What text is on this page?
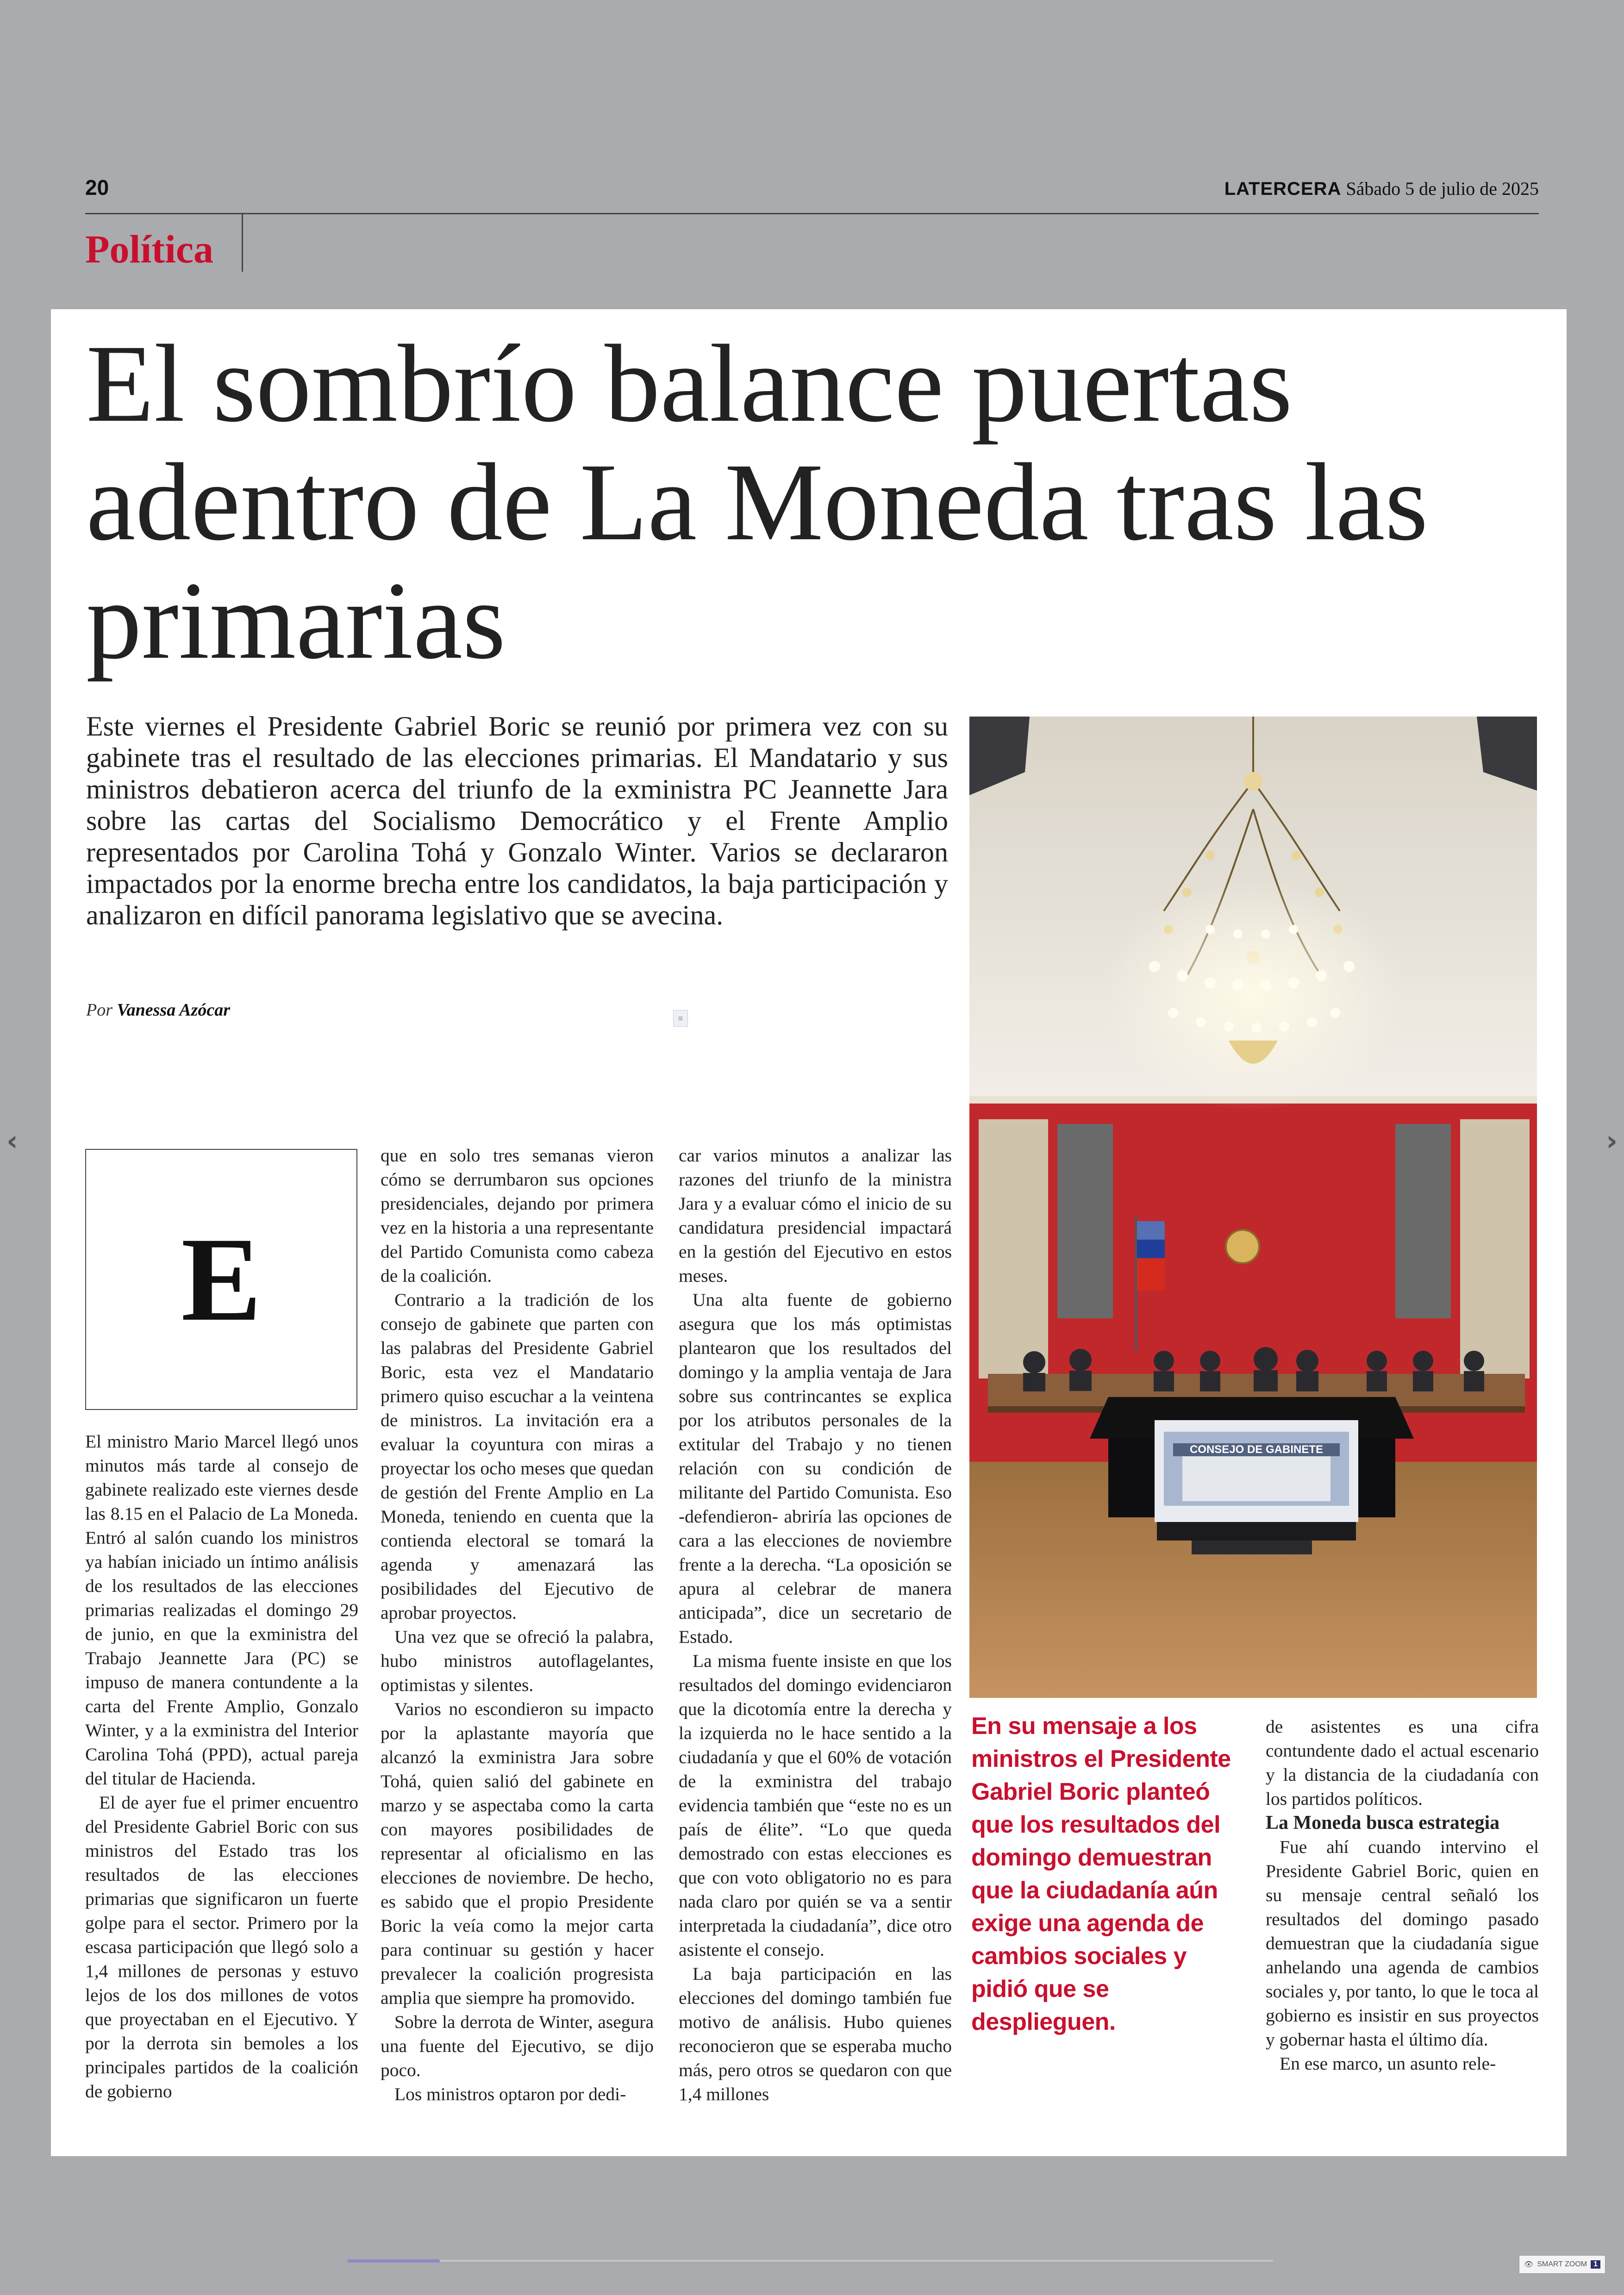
20	LATERCERA Sábado 5 de julio de 2025
Política
El sombrío balance puertas adentro de La Moneda tras las primarias

Este viernes el Presidente Gabriel Boric se reunió por primera vez con su gabinete tras el resultado de las elecciones primarias. El Mandatario y sus ministros debatieron acerca del triunfo de la exministra PC Jeannette Jara sobre las cartas del Socialismo Democrático y el Frente Amplio representados por Carolina Tohá y Gonzalo Winter. Varios se declararon impactados por la enorme brecha entre los candidatos, la baja participación y analizaron en difícil panorama legislativo que se avecina.

Por Vanessa Azócar	≡
CONSEJO DE GABINETE
E

El ministro Mario Marcel llegó unos minutos más tarde al consejo de gabinete realizado este viernes desde las 8.15 en el Palacio de La Moneda. Entró al salón cuando los ministros ya habían iniciado un íntimo análisis de los resultados de las elecciones primarias realizadas el domingo 29 de junio, en que la exministra del Trabajo Jeannette Jara (PC) se impuso de manera contundente a la carta del Frente Amplio, Gonzalo Winter, y a la exministra del Interior Carolina Tohá (PPD), actual pareja del titular de Hacienda.

El de ayer fue el primer encuentro del Presidente Gabriel Boric con sus ministros del Estado tras los resultados de las elecciones primarias que significaron un fuerte golpe para el sector. Primero por la escasa participación que llegó solo a 1,4 millones de personas y estuvo lejos de los dos millones de votos que proyectaban en el Ejecutivo. Y por la derrota sin bemoles a los principales partidos de la coalición de gobierno

que en solo tres semanas vieron cómo se derrumbaron sus opciones presidenciales, dejando por primera vez en la historia a una representante del Partido Comunista como cabeza de la coalición.

Contrario a la tradición de los consejo de gabinete que parten con las palabras del Presidente Gabriel Boric, esta vez el Mandatario primero quiso escuchar a la veintena de ministros. La invitación era a evaluar la coyuntura con miras a proyectar los ocho meses que quedan de gestión del Frente Amplio en La Moneda, teniendo en cuenta que la contienda electoral se tomará la agenda y amenazará las posibilidades del Ejecutivo de aprobar proyectos.

Una vez que se ofreció la palabra, hubo ministros autoflagelantes, optimistas y silentes.

Varios no escondieron su impacto por la aplastante mayoría que alcanzó la exministra Jara sobre Tohá, quien salió del gabinete en marzo y se aspectaba como la carta con mayores posibilidades de representar al oficialismo en las elecciones de noviembre. De hecho, es sabido que el propio Presidente Boric la veía como la mejor carta para continuar su gestión y hacer prevalecer la coalición progresista amplia que siempre ha promovido.

Sobre la derrota de Winter, asegura una fuente del Ejecutivo, se dijo poco.

Los ministros optaron por dedi-

car varios minutos a analizar las razones del triunfo de la ministra Jara y a evaluar cómo el inicio de su candidatura presidencial impactará en la gestión del Ejecutivo en estos meses.

Una alta fuente de gobierno asegura que los más optimistas plantearon que los resultados del domingo y la amplia ventaja de Jara sobre sus contrincantes se explica por los atributos personales de la extitular del Trabajo y no tienen relación con su condición de militante del Partido Comunista. Eso -defendieron- abriría las opciones de cara a las elecciones de noviembre frente a la derecha. “La oposición se apura al celebrar de manera anticipada”, dice un secretario de Estado.

La misma fuente insiste en que los resultados del domingo evidenciaron que la dicotomía entre la derecha y la izquierda no le hace sentido a la ciudadanía y que el 60% de votación de la exministra del trabajo evidencia también que “este no es un país de élite”. “Lo que queda demostrado con estas elecciones es que con voto obligatorio no es para nada claro por quién se va a sentir interpretada la ciudadanía”, dice otro asistente el consejo.

La baja participación en las elecciones del domingo también fue motivo de análisis. Hubo quienes reconocieron que se esperaba mucho más, pero otros se quedaron con que 1,4 millones

En su mensaje a los ministros el Presidente Gabriel Boric planteó que los resultados del domingo demuestran que la ciudadanía aún exige una agenda de cambios sociales y pidió que se desplieguen.

de asistentes es una cifra contundente dado el actual escenario y la distancia de la ciudadanía con los partidos políticos.

La Moneda busca estrategia

Fue ahí cuando intervino el Presidente Gabriel Boric, quien en su mensaje central señaló los resultados del domingo pasado demuestran que la ciudadanía sigue anhelando una agenda de cambios sociales y, por tanto, lo que le toca al gobierno es insistir en sus proyectos y gobernar hasta el último día.

En ese marco, un asunto rele-

‹	›
👁 SMART ZOOM 1
